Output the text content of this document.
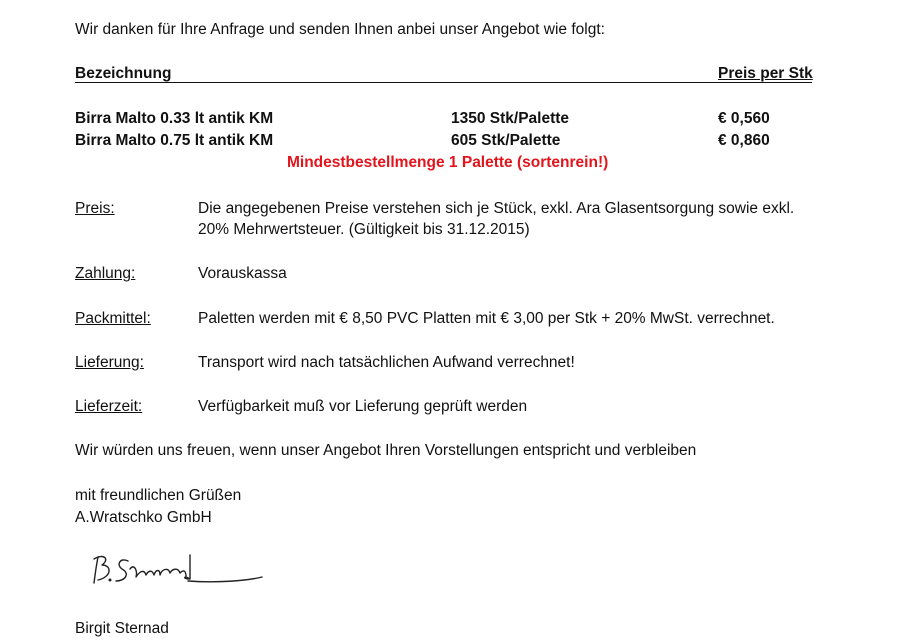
Wir danken für Ihre Anfrage und senden Ihnen anbei unser Angebot wie folgt:
Bezeichnung	Preis per Stk
Birra Malto 0.33 lt antik KM	1350 Stk/Palette	€ 0,560
Birra Malto 0.75 lt antik KM	605 Stk/Palette	€ 0,860
Mindestbestellmenge 1 Palette (sortenrein!)
Preis:	Die angegebenen Preise verstehen sich je Stück, exkl. Ara Glasentsorgung sowie exkl.
20% Mehrwertsteuer. (Gültigkeit bis 31.12.2015)
Zahlung:	Vorauskassa
Packmittel:	Paletten werden mit € 8,50 PVC Platten mit € 3,00 per Stk + 20% MwSt. verrechnet.
Lieferung:	Transport wird nach tatsächlichen Aufwand verrechnet!
Lieferzeit:	Verfügbarkeit muß vor Lieferung geprüft werden
Wir würden uns freuen, wenn unser Angebot Ihren Vorstellungen entspricht und verbleiben
mit freundlichen Grüßen
A.Wratschko GmbH
Birgit Sternad
